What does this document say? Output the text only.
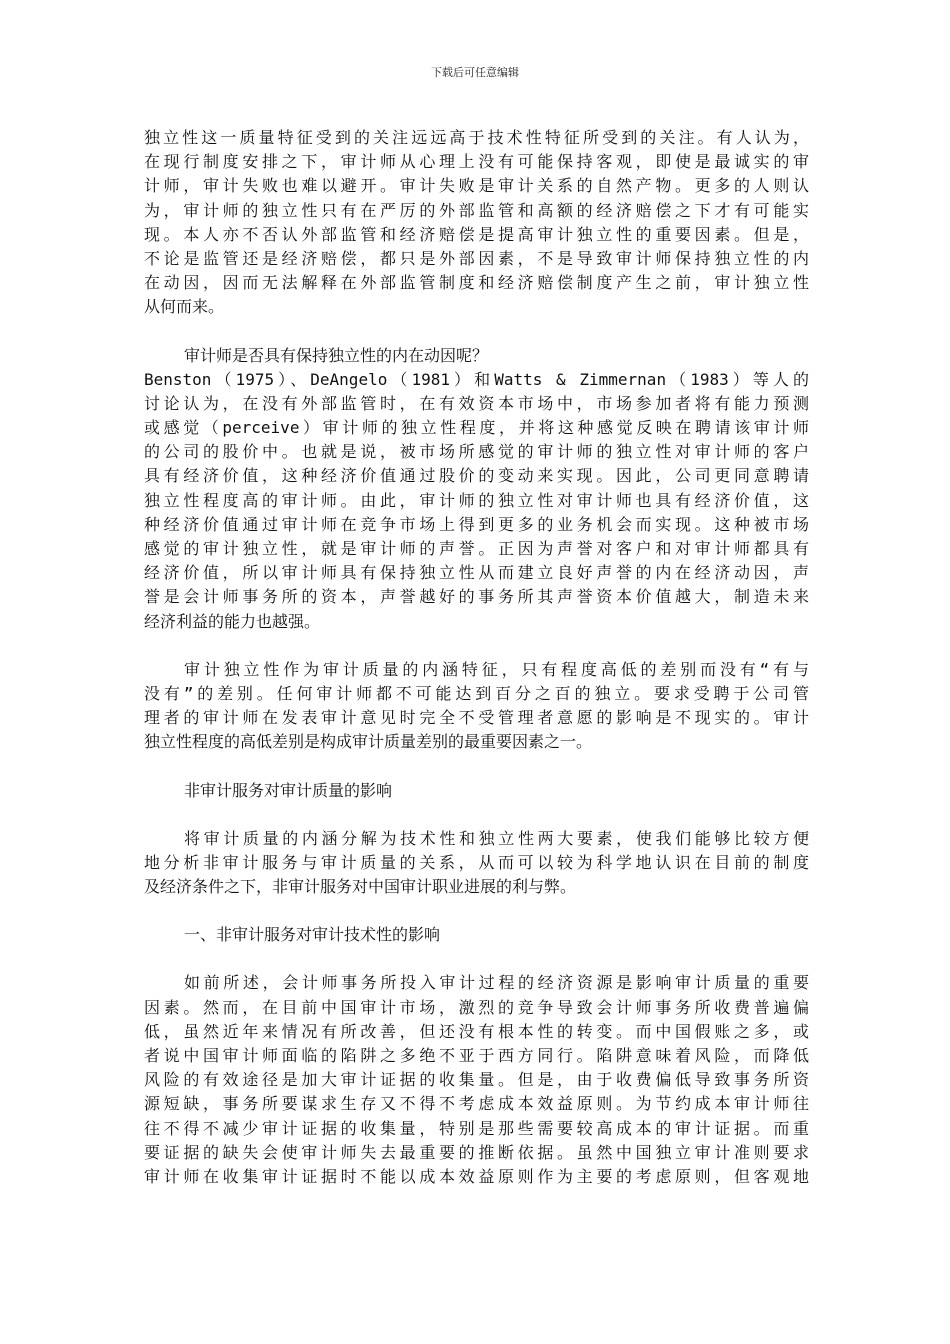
下载后可任意编辑
独立性这一质量特征受到的关注远远高于技术性特征所受到的关注。有人认为，
在现行制度安排之下，审计师从心理上没有可能保持客观，即使是最诚实的审
计师，审计失败也难以避开。审计失败是审计关系的自然产物。更多的人则认
为，审计师的独立性只有在严厉的外部监管和高额的经济赔偿之下才有可能实
现。本人亦不否认外部监管和经济赔偿是提高审计独立性的重要因素。但是，
不论是监管还是经济赔偿，都只是外部因素，不是导致审计师保持独立性的内
在动因，因而无法解释在外部监管制度和经济赔偿制度产生之前，审计独立性
从何而来。
审计师是否具有保持独立性的内在动因呢？
Benston（1975）、DeAngelo（1981）和Watts & Zimmernan（1983）等人的
讨论认为，在没有外部监管时，在有效资本市场中，市场参加者将有能力预测
或感觉（perceive）审计师的独立性程度，并将这种感觉反映在聘请该审计师
的公司的股价中。也就是说，被市场所感觉的审计师的独立性对审计师的客户
具有经济价值，这种经济价值通过股价的变动来实现。因此，公司更同意聘请
独立性程度高的审计师。由此，审计师的独立性对审计师也具有经济价值，这
种经济价值通过审计师在竞争市场上得到更多的业务机会而实现。这种被市场
感觉的审计独立性，就是审计师的声誉。正因为声誉对客户和对审计师都具有
经济价值，所以审计师具有保持独立性从而建立良好声誉的内在经济动因，声
誉是会计师事务所的资本，声誉越好的事务所其声誉资本价值越大，制造未来
经济利益的能力也越强。
审计独立性作为审计质量的内涵特征，只有程度高低的差别而没有“有与
没有”的差别。任何审计师都不可能达到百分之百的独立。要求受聘于公司管
理者的审计师在发表审计意见时完全不受管理者意愿的影响是不现实的。审计
独立性程度的高低差别是构成审计质量差别的最重要因素之一。
非审计服务对审计质量的影响
将审计质量的内涵分解为技术性和独立性两大要素，使我们能够比较方便
地分析非审计服务与审计质量的关系，从而可以较为科学地认识在目前的制度
及经济条件之下，非审计服务对中国审计职业进展的利与弊。
一、非审计服务对审计技术性的影响
如前所述，会计师事务所投入审计过程的经济资源是影响审计质量的重要
因素。然而，在目前中国审计市场，激烈的竞争导致会计师事务所收费普遍偏
低，虽然近年来情况有所改善，但还没有根本性的转变。而中国假账之多，或
者说中国审计师面临的陷阱之多绝不亚于西方同行。陷阱意味着风险，而降低
风险的有效途径是加大审计证据的收集量。但是，由于收费偏低导致事务所资
源短缺，事务所要谋求生存又不得不考虑成本效益原则。为节约成本审计师往
往不得不减少审计证据的收集量，特别是那些需要较高成本的审计证据。而重
要证据的缺失会使审计师失去最重要的推断依据。虽然中国独立审计准则要求
审计师在收集审计证据时不能以成本效益原则作为主要的考虑原则，但客观地
